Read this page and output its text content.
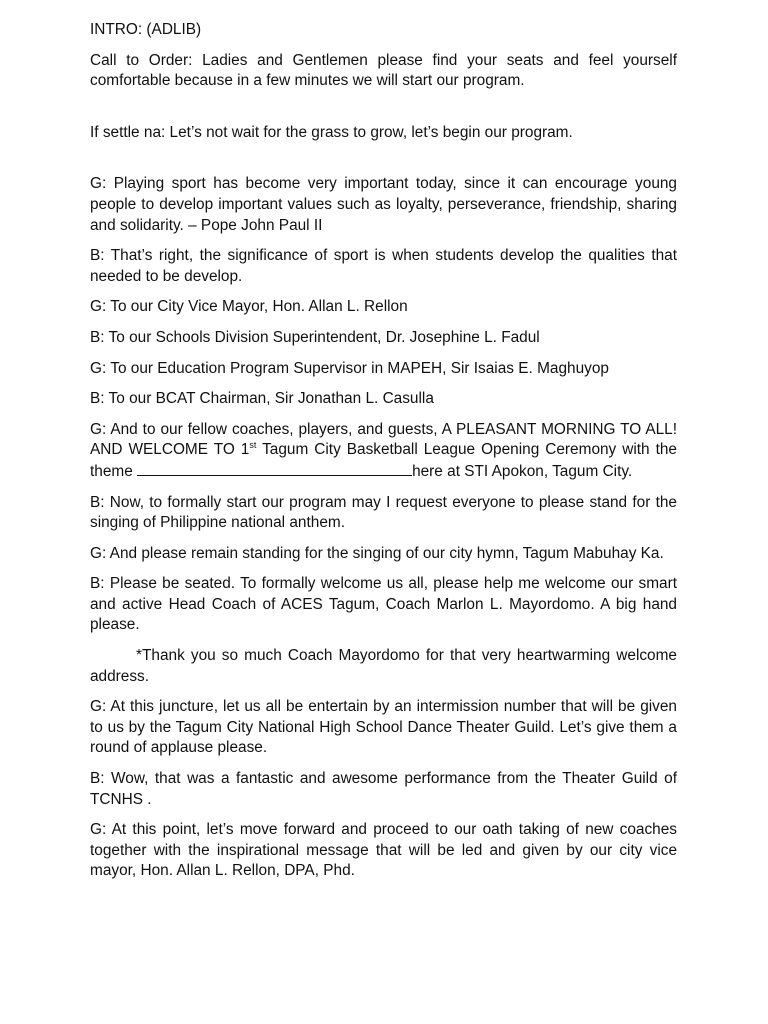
INTRO: (ADLIB)

Call to Order: Ladies and Gentlemen please find your seats and feel yourself comfortable because in a few minutes we will start our program.

If settle na: Let’s not wait for the grass to grow, let’s begin our program.

G: Playing sport has become very important today, since it can encourage young people to develop important values such as loyalty, perseverance, friendship, sharing and solidarity. – Pope John Paul II

B: That’s right, the significance of sport is when students develop the qualities that needed to be develop.

G: To our City Vice Mayor, Hon. Allan L. Rellon

B: To our Schools Division Superintendent, Dr. Josephine L. Fadul

G: To our Education Program Supervisor in MAPEH, Sir Isaias E. Maghuyop

B: To our BCAT Chairman, Sir Jonathan L. Casulla

G: And to our fellow coaches, players, and guests, A PLEASANT MORNING TO ALL! AND WELCOME TO 1st Tagum City Basketball League Opening Ceremony with the theme	here at STI Apokon, Tagum City.

B: Now, to formally start our program may I request everyone to please stand for the singing of Philippine national anthem.

G: And please remain standing for the singing of our city hymn, Tagum Mabuhay Ka.

B: Please be seated. To formally welcome us all, please help me welcome our smart and active Head Coach of ACES Tagum, Coach Marlon L. Mayordomo. A big hand please.

*Thank you so much Coach Mayordomo for that very heartwarming welcome address.

G: At this juncture, let us all be entertain by an intermission number that will be given to us by the Tagum City National High School Dance Theater Guild. Let’s give them a round of applause please.

B: Wow, that was a fantastic and awesome performance from the Theater Guild of TCNHS .

G: At this point, let’s move forward and proceed to our oath taking of new coaches together with the inspirational message that will be led and given by our city vice mayor, Hon. Allan L. Rellon, DPA, Phd.
